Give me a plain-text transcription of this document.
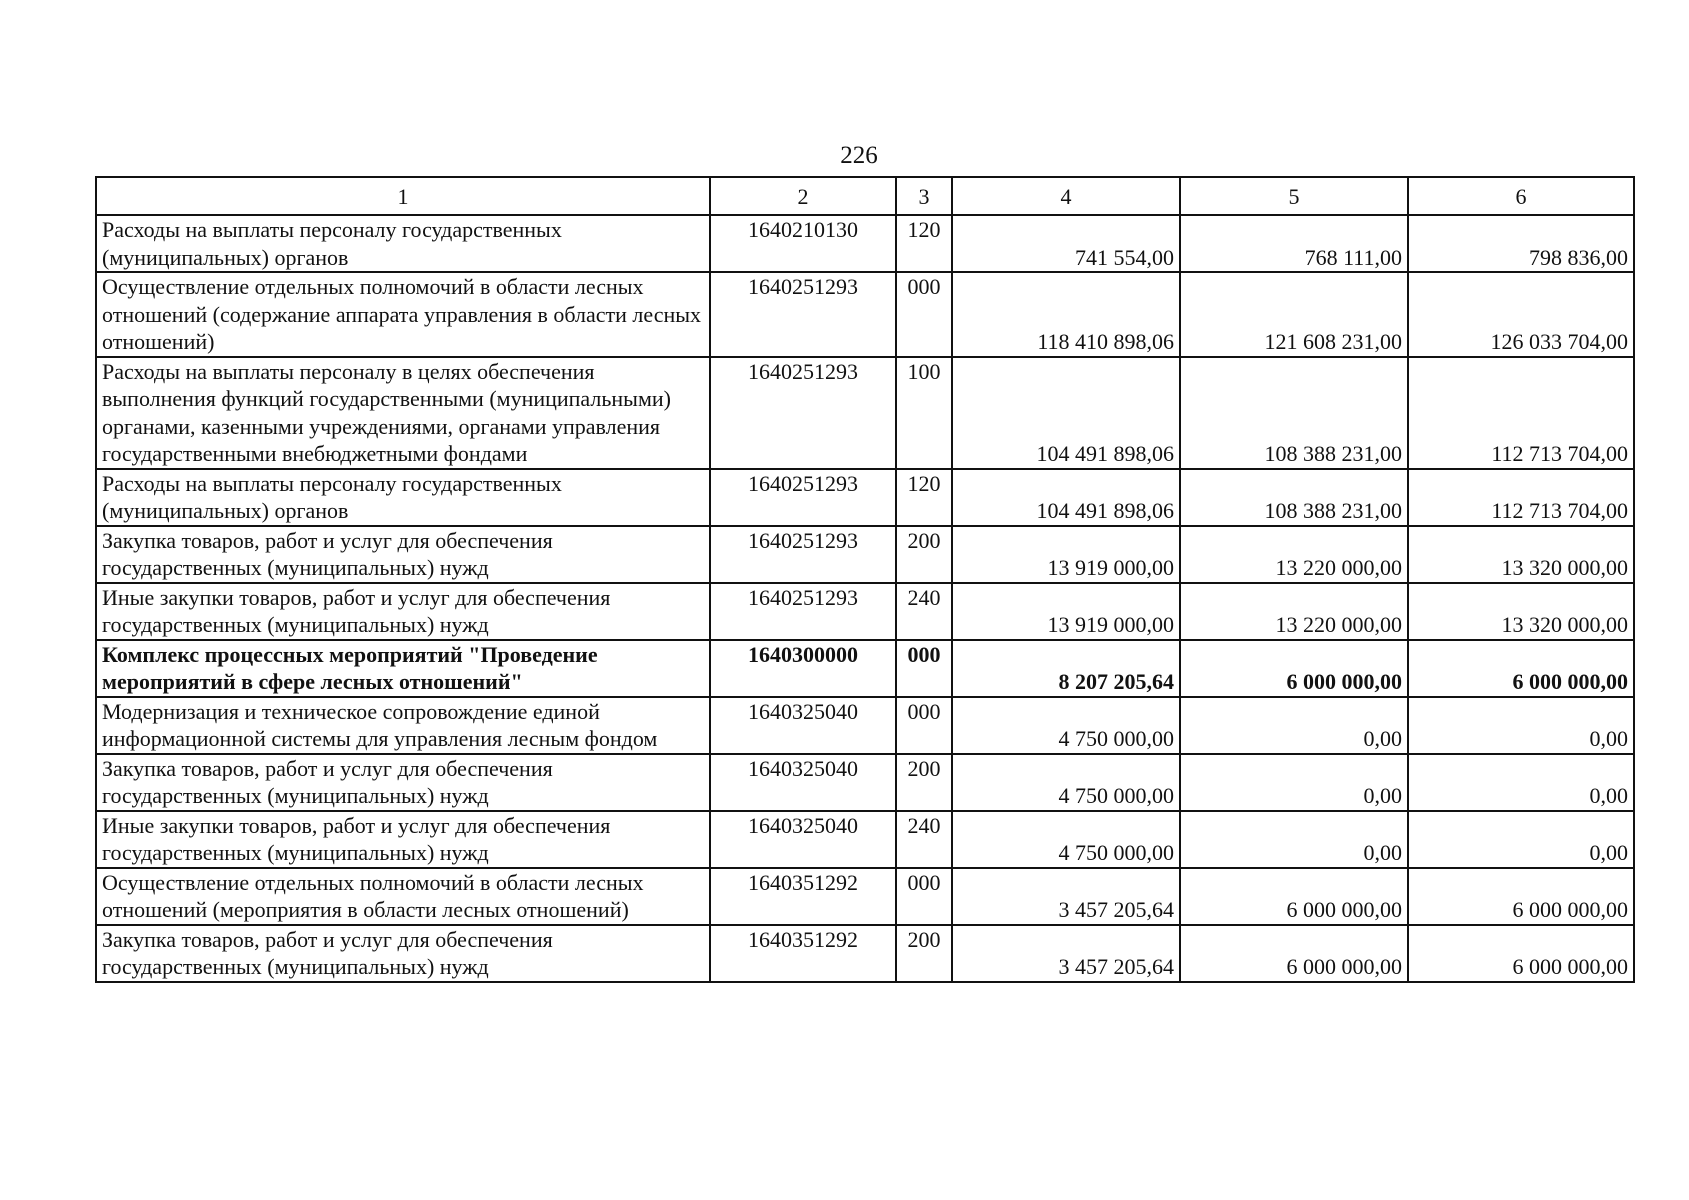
226
1	2	3	4	5	6
Расходы на выплаты персоналу государственных (муниципальных) органов	1640210130	120	741 554,00	768 111,00	798 836,00
Осуществление отдельных полномочий в области лесных отношений (содержание аппарата управления в области лесных отношений)	1640251293	000	118 410 898,06	121 608 231,00	126 033 704,00
Расходы на выплаты персоналу в целях обеспечения выполнения функций государственными (муниципальными) органами, казенными учреждениями, органами управления государственными внебюджетными фондами	1640251293	100	104 491 898,06	108 388 231,00	112 713 704,00
Расходы на выплаты персоналу государственных (муниципальных) органов	1640251293	120	104 491 898,06	108 388 231,00	112 713 704,00
Закупка товаров, работ и услуг для обеспечения государственных (муниципальных) нужд	1640251293	200	13 919 000,00	13 220 000,00	13 320 000,00
Иные закупки товаров, работ и услуг для обеспечения государственных (муниципальных) нужд	1640251293	240	13 919 000,00	13 220 000,00	13 320 000,00
Комплекс процессных мероприятий "Проведение мероприятий в сфере лесных отношений"	1640300000	000	8 207 205,64	6 000 000,00	6 000 000,00
Модернизация и техническое сопровождение единой информационной системы для управления лесным фондом	1640325040	000	4 750 000,00	0,00	0,00
Закупка товаров, работ и услуг для обеспечения государственных (муниципальных) нужд	1640325040	200	4 750 000,00	0,00	0,00
Иные закупки товаров, работ и услуг для обеспечения государственных (муниципальных) нужд	1640325040	240	4 750 000,00	0,00	0,00
Осуществление отдельных полномочий в области лесных отношений (мероприятия в области лесных отношений)	1640351292	000	3 457 205,64	6 000 000,00	6 000 000,00
Закупка товаров, работ и услуг для обеспечения государственных (муниципальных) нужд	1640351292	200	3 457 205,64	6 000 000,00	6 000 000,00
